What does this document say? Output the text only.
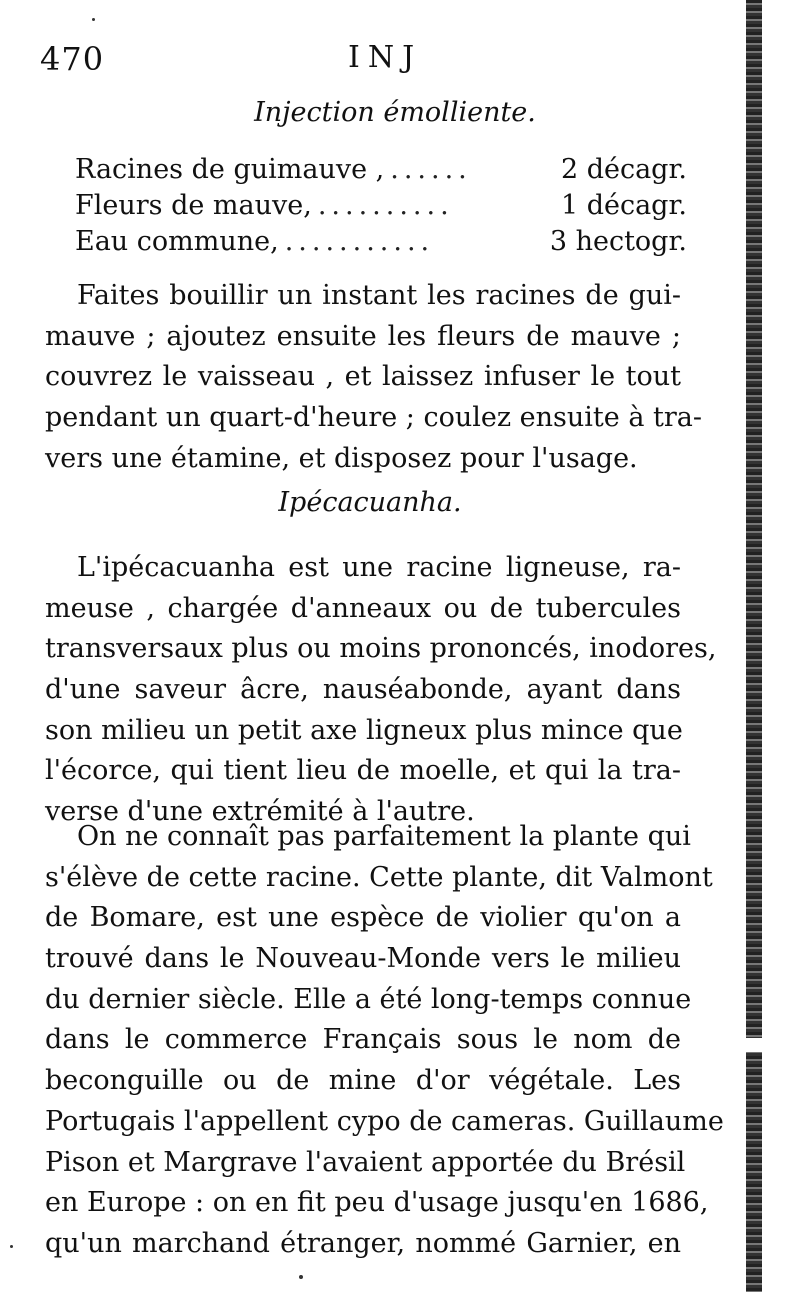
470	INJ
Injection émolliente.
Racines de guimauve , ......	2 décagr.
Fleurs de mauve, ..........	1 décagr.
Eau commune, ...........	3 hectogr.
Faites bouillir un instant les racines de gui-
mauve ; ajoutez ensuite les fleurs de mauve ;
couvrez le vaisseau , et laissez infuser le tout
pendant un quart-d'heure ; coulez ensuite à tra-
vers une étamine, et disposez pour l'usage.
Ipécacuanha.
L'ipécacuanha est une racine ligneuse, ra-
meuse , chargée d'anneaux ou de tubercules
transversaux plus ou moins prononcés, inodores,
d'une saveur âcre, nauséabonde, ayant dans
son milieu un petit axe ligneux plus mince que
l'écorce, qui tient lieu de moelle, et qui la tra-
verse d'une extrémité à l'autre.
On ne connaît pas parfaitement la plante qui
s'élève de cette racine. Cette plante, dit Valmont
de Bomare, est une espèce de violier qu'on a
trouvé dans le Nouveau-Monde vers le milieu
du dernier siècle. Elle a été long-temps connue
dans le commerce Français sous le nom de
beconguille ou de mine d'or végétale. Les
Portugais l'appellent cypo de cameras. Guillaume
Pison et Margrave l'avaient apportée du Brésil
en Europe : on en fit peu d'usage jusqu'en 1686,
qu'un marchand étranger, nommé Garnier, en
